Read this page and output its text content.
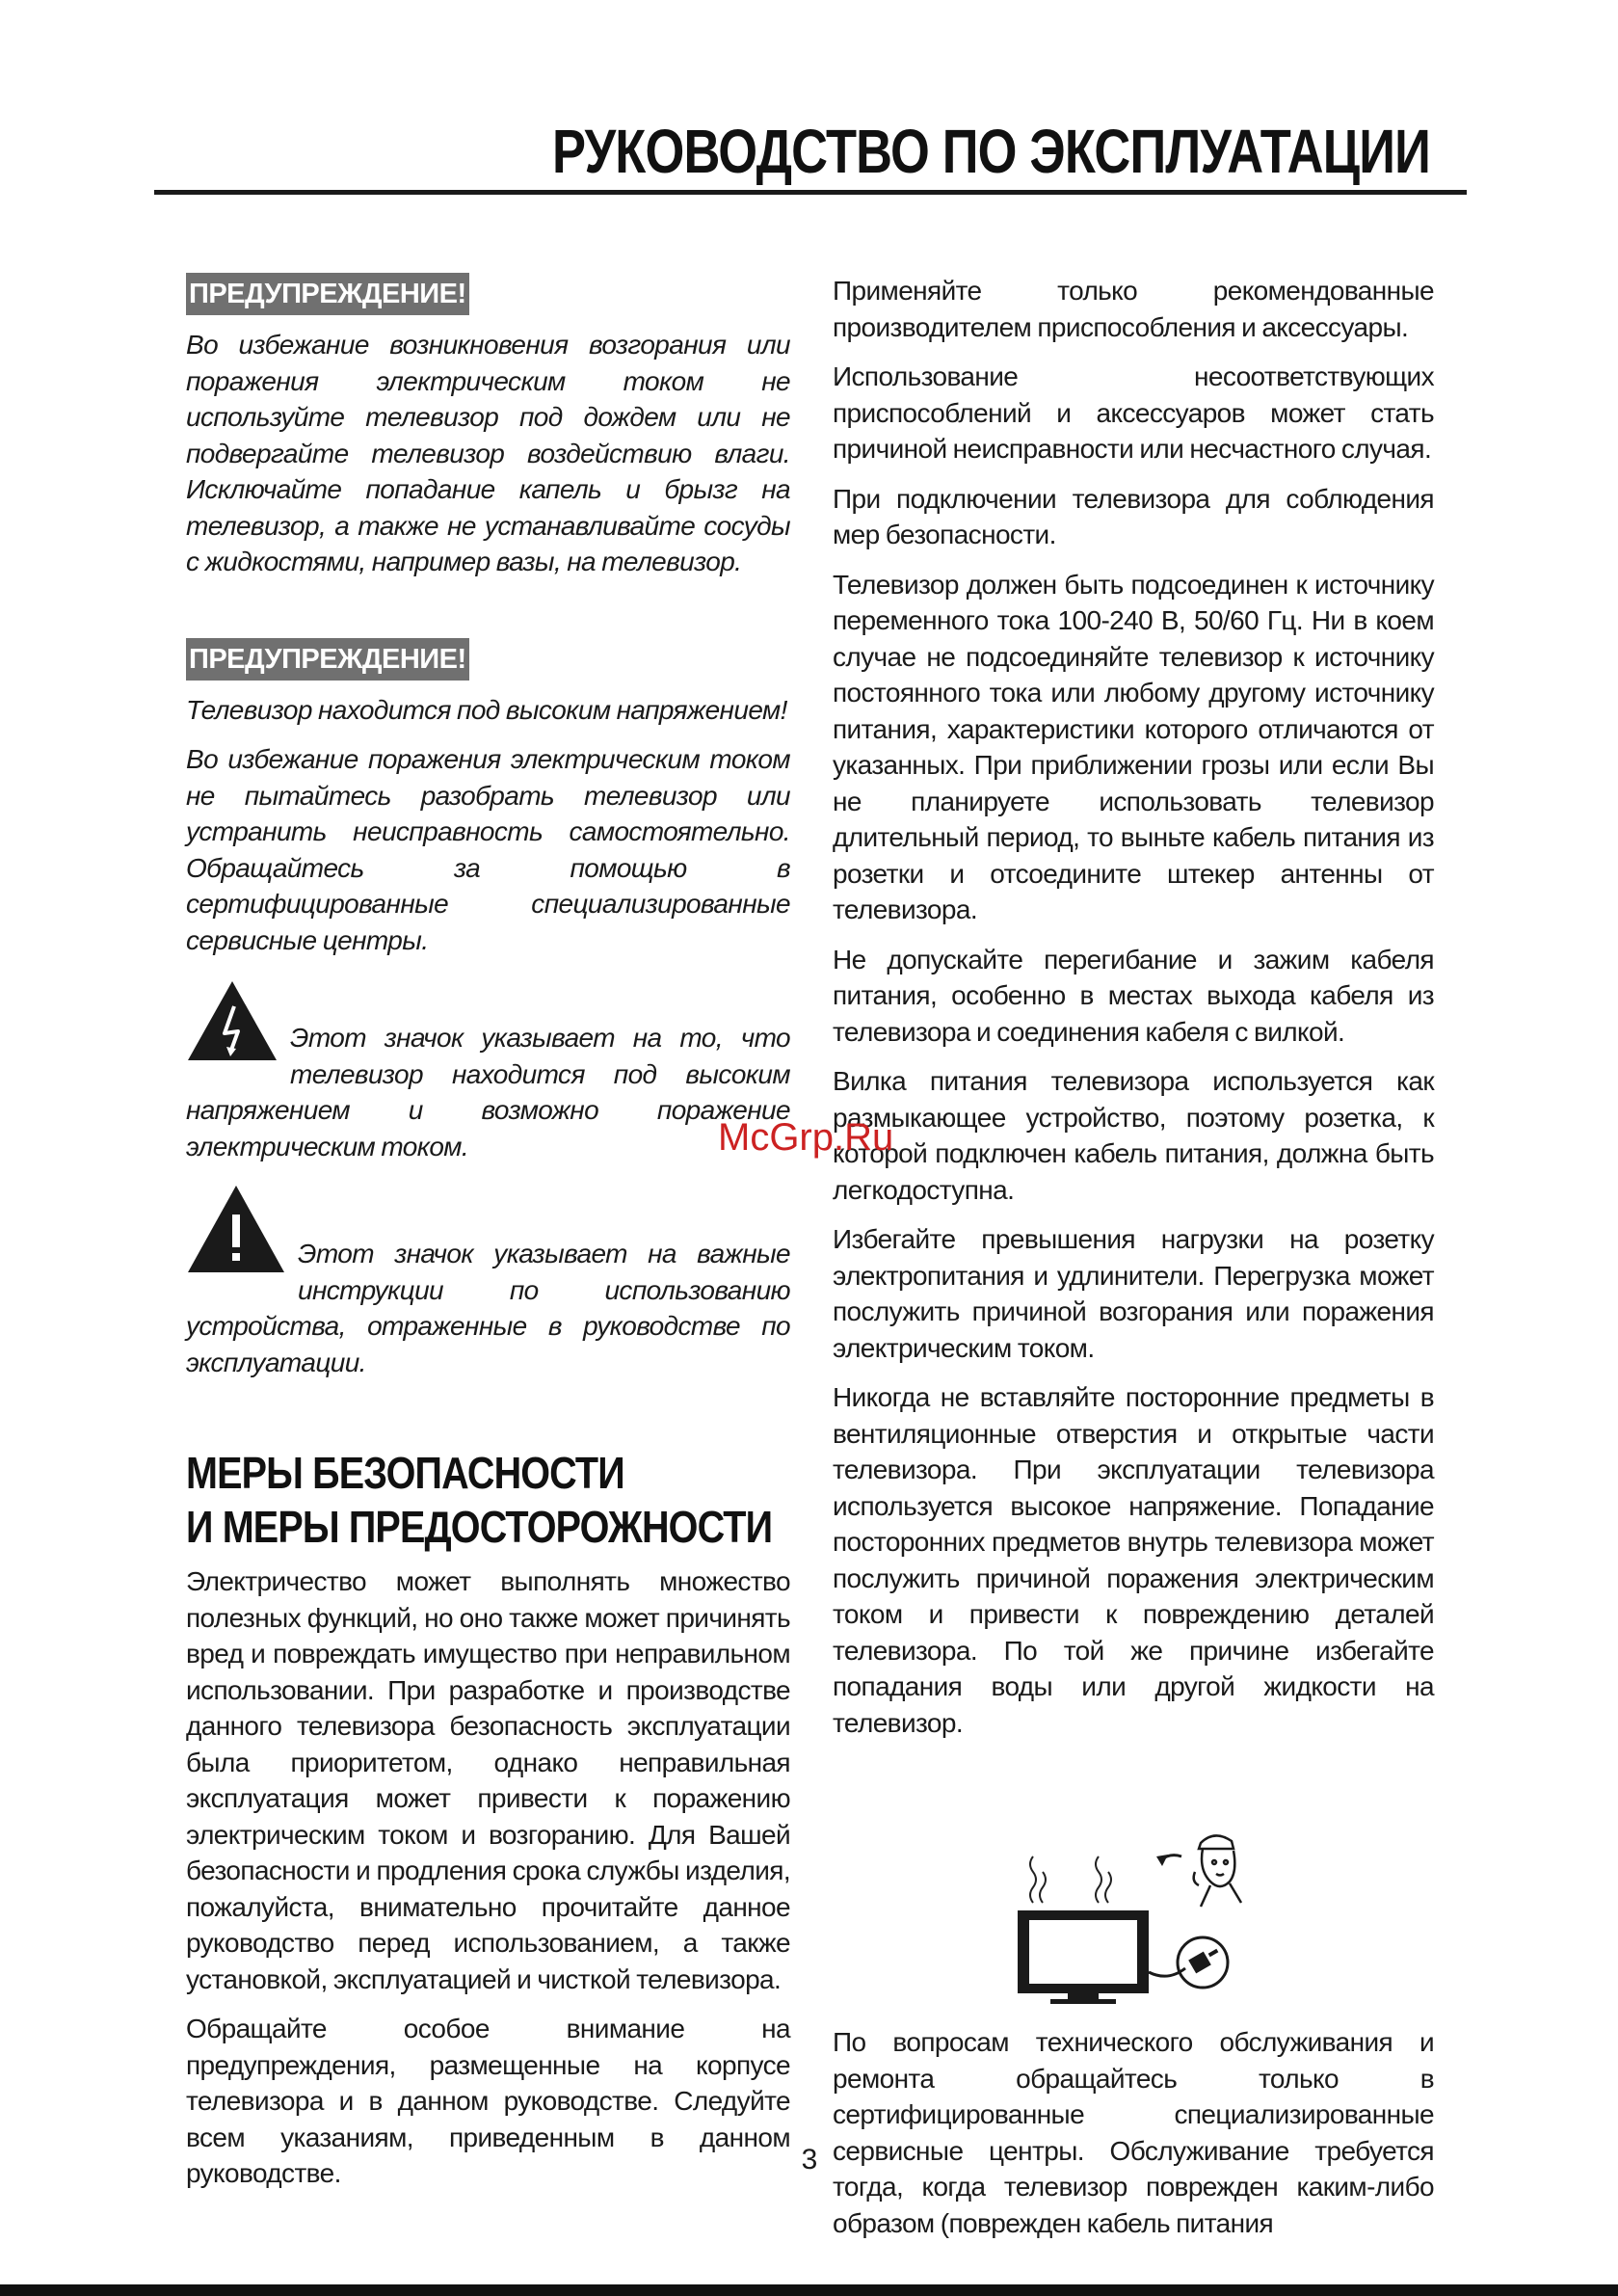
РУКОВОДСТВО ПО ЭКСПЛУАТАЦИИ
ПРЕДУПРЕЖДЕНИЕ!

Во избежание возникновения возгорания или поражения электрическим током не используйте телевизор под дождем или не подвергайте телевизор воздействию влаги. Исключайте попадание капель и брызг на телевизор, а также не устанавливайте сосуды с жидкостями, например вазы, на телевизор.

ПРЕДУПРЕЖДЕНИЕ!

Телевизор находится под высоким напряжением!

Во избежание поражения электрическим током не пытайтесь разобрать телевизор или устранить неисправность самостоятельно. Обращайтесь за помощью в сертифицированные специализированные сервисные центры.

Этот значок указывает на то, что телевизор находится под высоким напряжением и возможно поражение электрическим током.

Этот значок указывает на важные инструкции по использованию устройства, отраженные в руководстве по эксплуатации.

МЕРЫ БЕЗОПАСНОСТИ
И МЕРЫ ПРЕДОСТОРОЖНОСТИ

Электричество может выполнять множество полезных функций, но оно также может причинять вред и повреждать имущество при неправильном использовании. При разработке и производстве данного телевизора безопасность эксплуатации была приоритетом, однако неправильная эксплуатация может привести к поражению электрическим током и возгоранию. Для Вашей безопасности и продления срока службы изделия, пожалуйста, внимательно прочитайте данное руководство перед использованием, а также установкой, эксплуатацией и чисткой телевизора.

Обращайте особое внимание на предупреждения, размещенные на корпусе телевизора и в данном руководстве. Следуйте всем указаниям, приведенным в данном руководстве.

Применяйте только рекомендованные производителем приспособления и аксессуары.

Использование несоответствующих приспособлений и аксессуаров может стать причиной неисправности или несчастного случая.

При подключении телевизора для соблюдения мер безопасности.

Телевизор должен быть подсоединен к источнику переменного тока 100-240 В, 50/60 Гц. Ни в коем случае не подсоединяйте телевизор к источнику постоянного тока или любому другому источнику питания, характеристики которого отличаются от указанных. При приближении грозы или если Вы не планируете использовать телевизор длительный период, то выньте кабель питания из розетки и отсоедините штекер антенны от телевизора.

Не допускайте перегибание и зажим кабеля питания, особенно в местах выхода кабеля из телевизора и соединения кабеля с вилкой.

Вилка питания телевизора используется как размыкающее устройство, поэтому розетка, к которой подключен кабель питания, должна быть легкодоступна.

Избегайте превышения нагрузки на розетку электропитания и удлинители. Перегрузка может послужить причиной возгорания или поражения электрическим током.

Никогда не вставляйте посторонние предметы в вентиляционные отверстия и открытые части телевизора. При эксплуатации телевизора используется высокое напряжение. Попадание посторонних предметов внутрь телевизора может послужить причиной поражения электрическим током и привести к повреждению деталей телевизора. По той же причине избегайте попадания воды или другой жидкости на телевизор.

По вопросам технического обслуживания и ремонта обращайтесь только в сертифицированные специализированные сервисные центры. Обслуживание требуется тогда, когда телевизор поврежден каким-либо образом (поврежден кабель питания

McGrp.Ru
3
